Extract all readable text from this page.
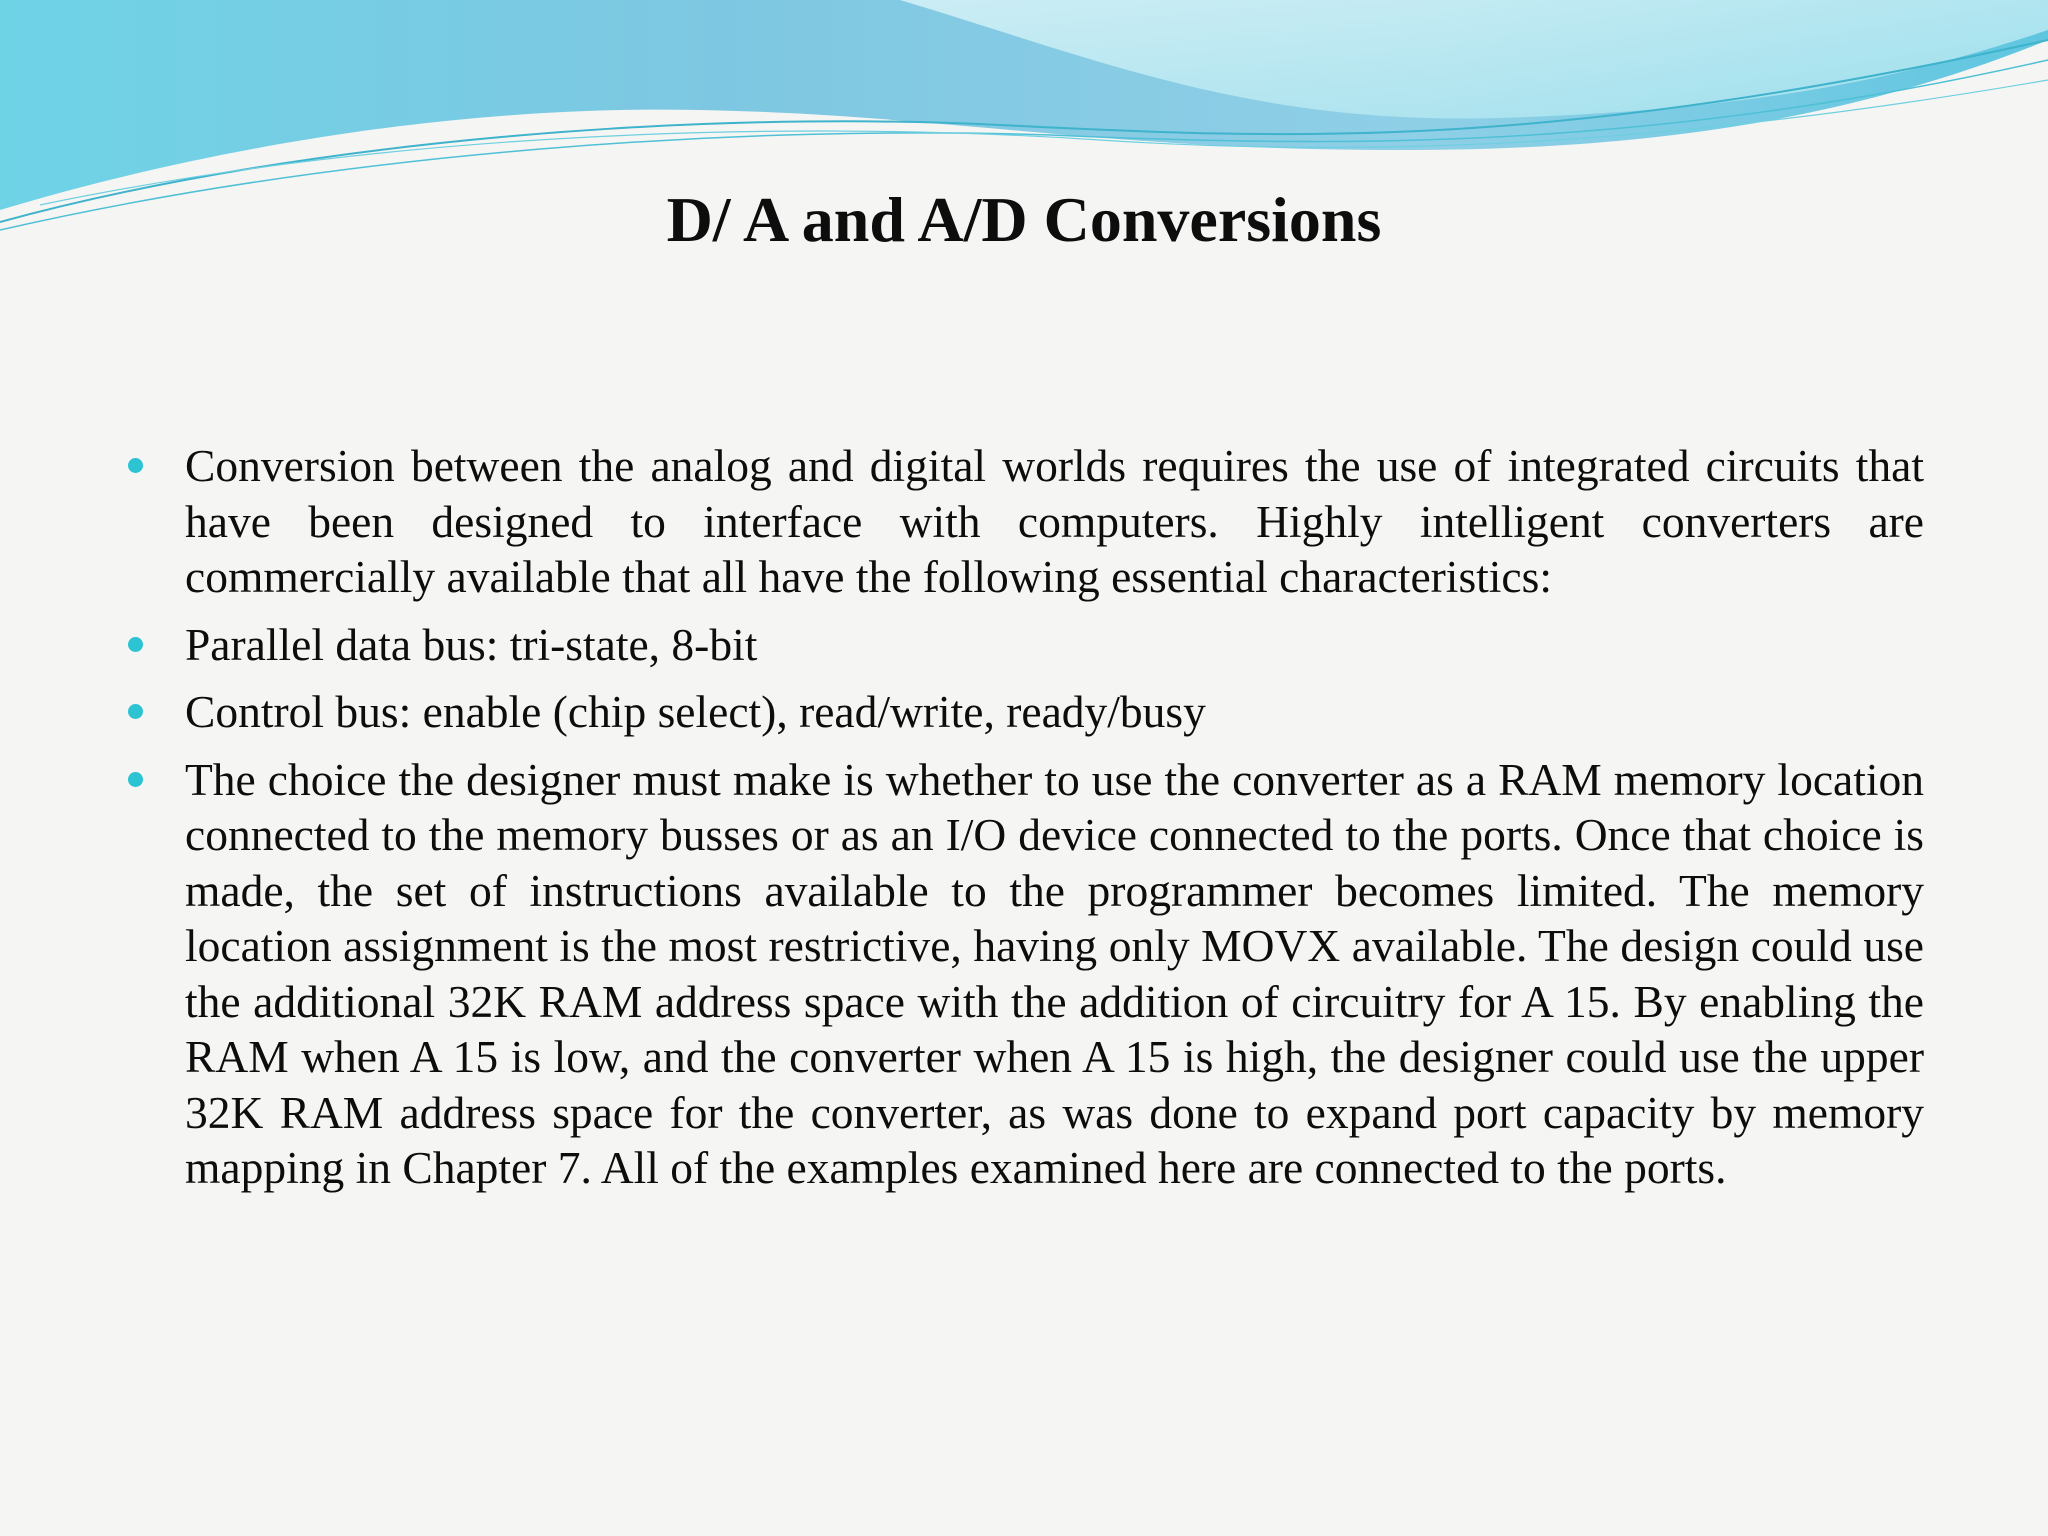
D/ A and A/D Conversions
Conversion between the analog and digital worlds requires the use of integrated circuits that have been designed to interface with computers. Highly intelligent converters are commercially available that all have the following essential characteristics:
Parallel data bus: tri-state, 8-bit
Control bus: enable (chip select), read/write, ready/busy
The choice the designer must make is whether to use the converter as a RAM memory location connected to the memory busses or as an I/O device connected to the ports. Once that choice is made, the set of instructions available to the programmer becomes limited. The memory location assignment is the most restrictive, having only MOVX available. The design could use the additional 32K RAM address space with the addition of circuitry for A 15. By enabling the RAM when A 15 is low, and the converter when A 15 is high, the designer could use the upper 32K RAM address space for the converter, as was done to expand port capacity by memory mapping in Chapter 7. All of the examples examined here are connected to the ports.
